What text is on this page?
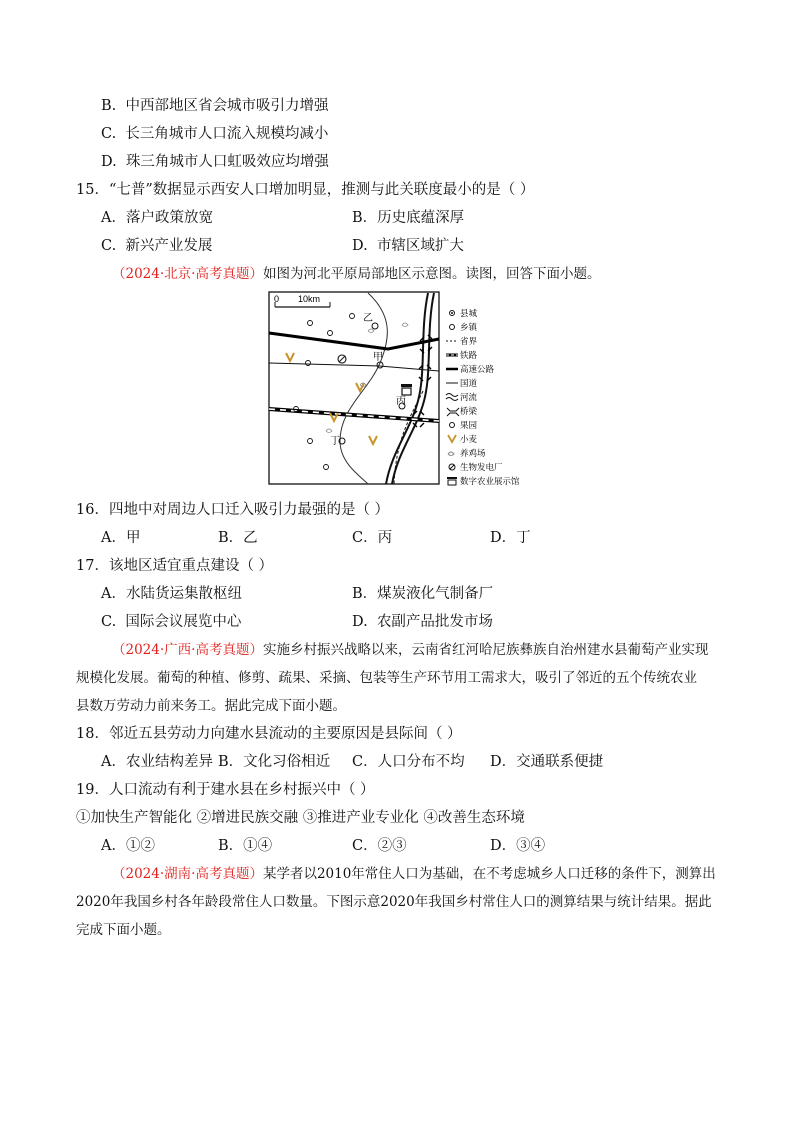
B. 中西部地区省会城市吸引力增强
C. 长三角城市人口流入规模均减小
D. 珠三角城市人口虹吸效应均增强
15．“七普”数据显示西安人口增加明显，推测与此关联度最小的是（ ）
A．落户政策放宽	B．历史底蕴深厚
C. 新兴产业发展	D. 市辖区域扩大
（2024·北京·高考真题）如图为河北平原局部地区示意图。读图，回答下面小题。
0 10km
乙
甲
丙
丁
县城
乡镇
省界
铁路
高速公路
国道
河流
桥梁
果园
小麦
养鸡场
生物发电厂
数字农业展示馆
16．四地中对周边人口迁入吸引力最强的是（ ）
A．甲	B．乙	C．丙	D．丁
17．该地区适宜重点建设（ ）
A．水陆货运集散枢纽	B．煤炭液化气制备厂
C. 国际会议展览中心	D. 农副产品批发市场
（2024·广西·高考真题）实施乡村振兴战略以来，云南省红河哈尼族彝族自治州建水县葡萄产业实现
规模化发展。葡萄的种植、修剪、疏果、采摘、包装等生产环节用工需求大，吸引了邻近的五个传统农业
县数万劳动力前来务工。据此完成下面小题。
18．邻近五县劳动力向建水县流动的主要原因是县际间（ ）
A．农业结构差异 B．文化习俗相近 C．人口分布不均 D．交通联系便捷
19．人口流动有利于建水县在乡村振兴中（ ）
①加快生产智能化 ②增进民族交融 ③推进产业专业化 ④改善生态环境
A．①②	B．①④	C．②③	D．③④
（2024·湖南·高考真题）某学者以2010年常住人口为基础，在不考虑城乡人口迁移的条件下，测算出
2020年我国乡村各年龄段常住人口数量。下图示意2020年我国乡村常住人口的测算结果与统计结果。据此
完成下面小题。
